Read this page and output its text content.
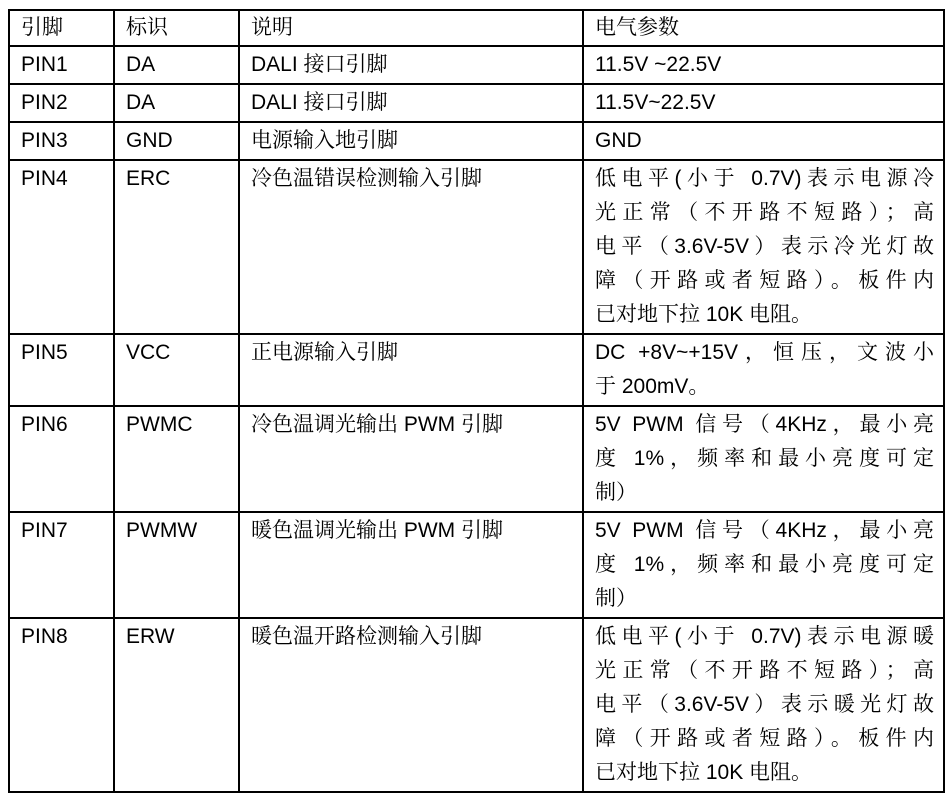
引脚	标识	说明	电气参数
PIN1	DA	DALI 接口引脚	11.5V ~22.5V

PIN2	DA	DALI 接口引脚	11.5V~22.5V

PIN3	GND	电源输入地引脚	GND

PIN4	ERC	冷色温错误检测输入引脚	低电平(小于 0.7V)表示电源冷
光正常（不开路不短路）；高
电平（3.6V-5V）表示冷光灯故
障（开路或者短路）。板件内
已对地下拉 10K 电阻。

PIN5	VCC	正电源输入引脚	DC +8V~+15V，恒压，文波小
于 200mV。

PIN6	PWMC	冷色温调光输出 PWM 引脚	5V PWM 信号（4KHz，最小亮
度 1%，频率和最小亮度可定
制）

PIN7	PWMW	暖色温调光输出 PWM 引脚	5V PWM 信号（4KHz，最小亮
度 1%，频率和最小亮度可定
制）

PIN8	ERW	暖色温开路检测输入引脚	低电平(小于 0.7V)表示电源暖
光正常（不开路不短路）；高
电平（3.6V-5V）表示暖光灯故
障（开路或者短路）。板件内
已对地下拉 10K 电阻。
